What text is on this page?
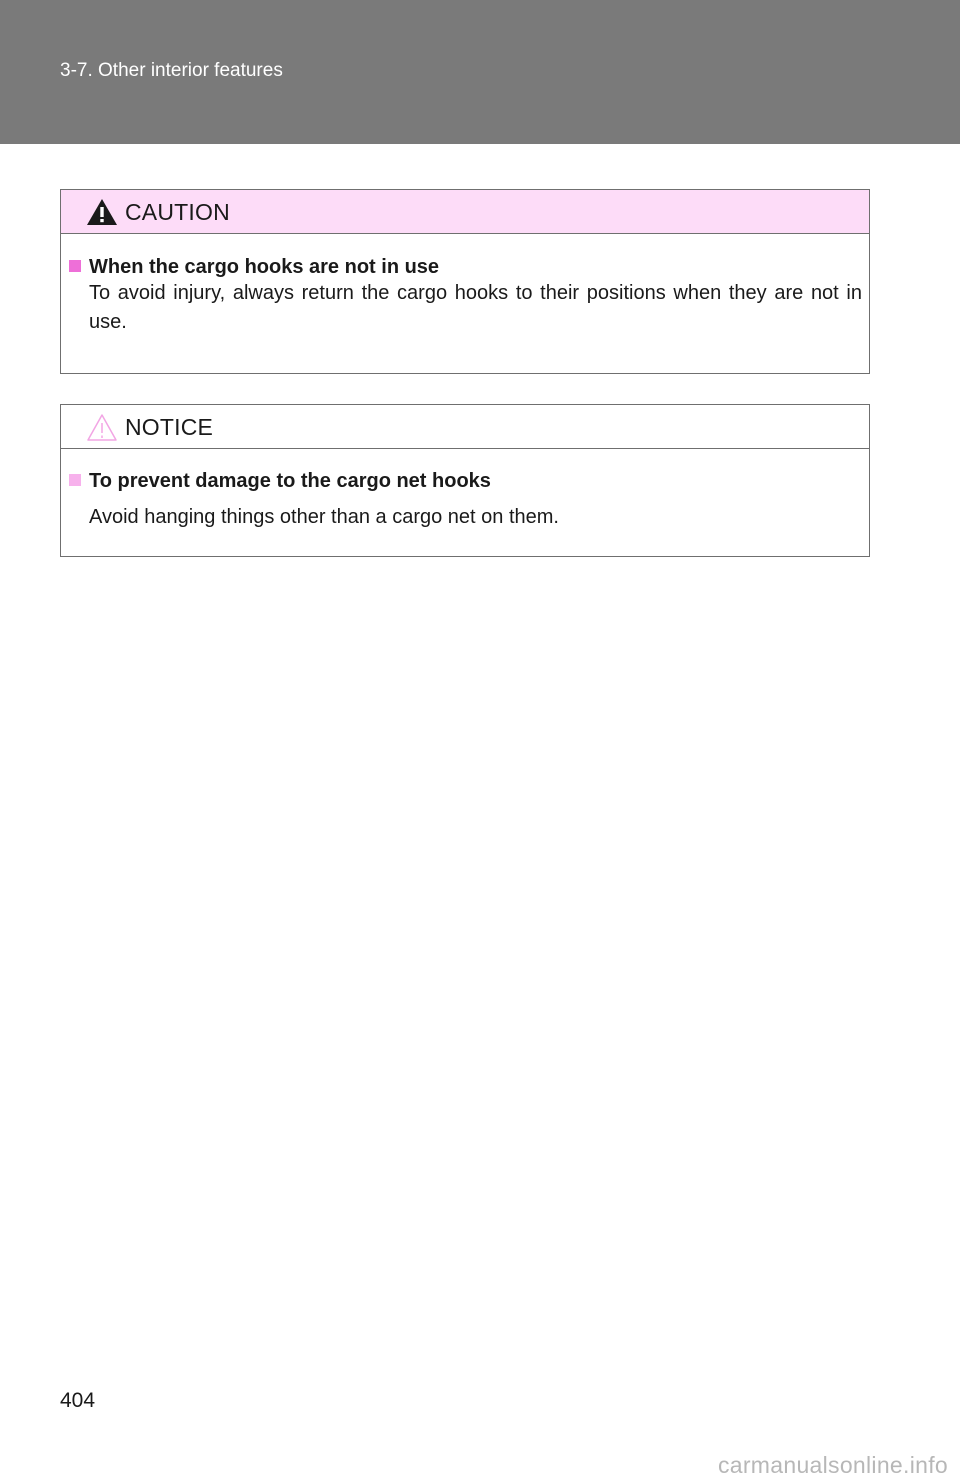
3-7. Other interior features
CAUTION
When the cargo hooks are not in use
To avoid injury, always return the cargo hooks to their positions when they are not in use.
NOTICE
To prevent damage to the cargo net hooks
Avoid hanging things other than a cargo net on them.
404
carmanualsonline.info
